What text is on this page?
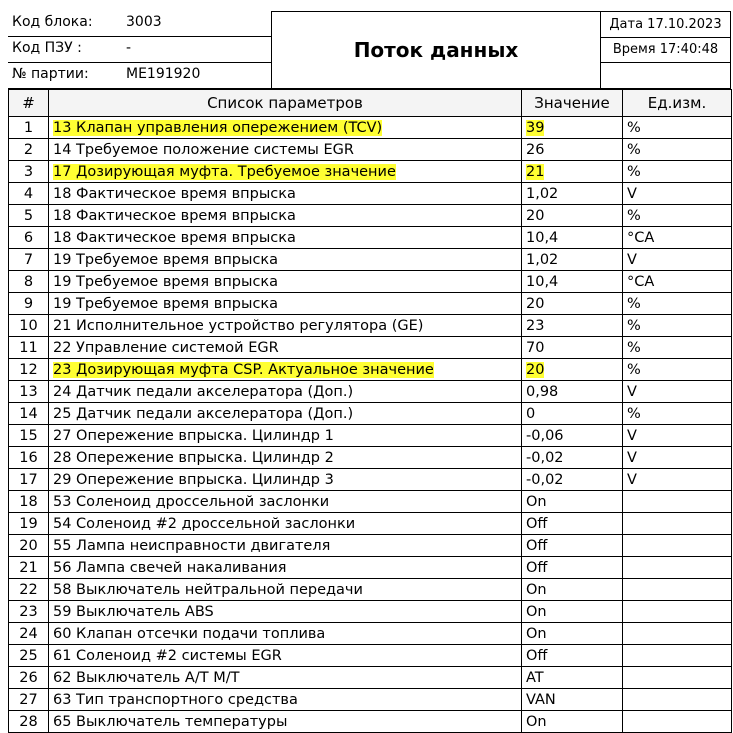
Код блока: 3003
Код ПЗУ :	-
№ партии:	ME191920
Поток данных
Дата 17.10.2023
Время 17:40:48
#	Список параметров	Значение	Ед.изм.
1	13 Клапан управления опережением (TCV)	39	%
2	14 Требуемое положение системы EGR	26	%
3	17 Дозирующая муфта. Требуемое значение	21	%
4	18 Фактическое время впрыска	1,02	V
5	18 Фактическое время впрыска	20	%
6	18 Фактическое время впрыска	10,4	°CA
7	19 Требуемое время впрыска	1,02	V
8	19 Требуемое время впрыска	10,4	°CA
9	19 Требуемое время впрыска	20	%
10	21 Исполнительное устройство регулятора (GE)	23	%
11	22 Управление системой EGR	70	%
12	23 Дозирующая муфта CSP. Актуальное значение	20	%
13	24 Датчик педали акселератора (Доп.)	0,98	V
14	25 Датчик педали акселератора (Доп.)	0	%
15	27 Опережение впрыска. Цилиндр 1	-0,06	V
16	28 Опережение впрыска. Цилиндр 2	-0,02	V
17	29 Опережение впрыска. Цилиндр 3	-0,02	V
18	53 Соленоид дроссельной заслонки	On	
19	54 Соленоид #2 дроссельной заслонки	Off	
20	55 Лампа неисправности двигателя	Off	
21	56 Лампа свечей накаливания	Off	
22	58 Выключатель нейтральной передачи	On	
23	59 Выключатель ABS	On	
24	60 Клапан отсечки подачи топлива	On	
25	61 Соленоид #2 системы EGR	Off	
26	62 Выключатель A/T M/T	AT	
27	63 Тип транспортного средства	VAN	
28	65 Выключатель температуры	On	
